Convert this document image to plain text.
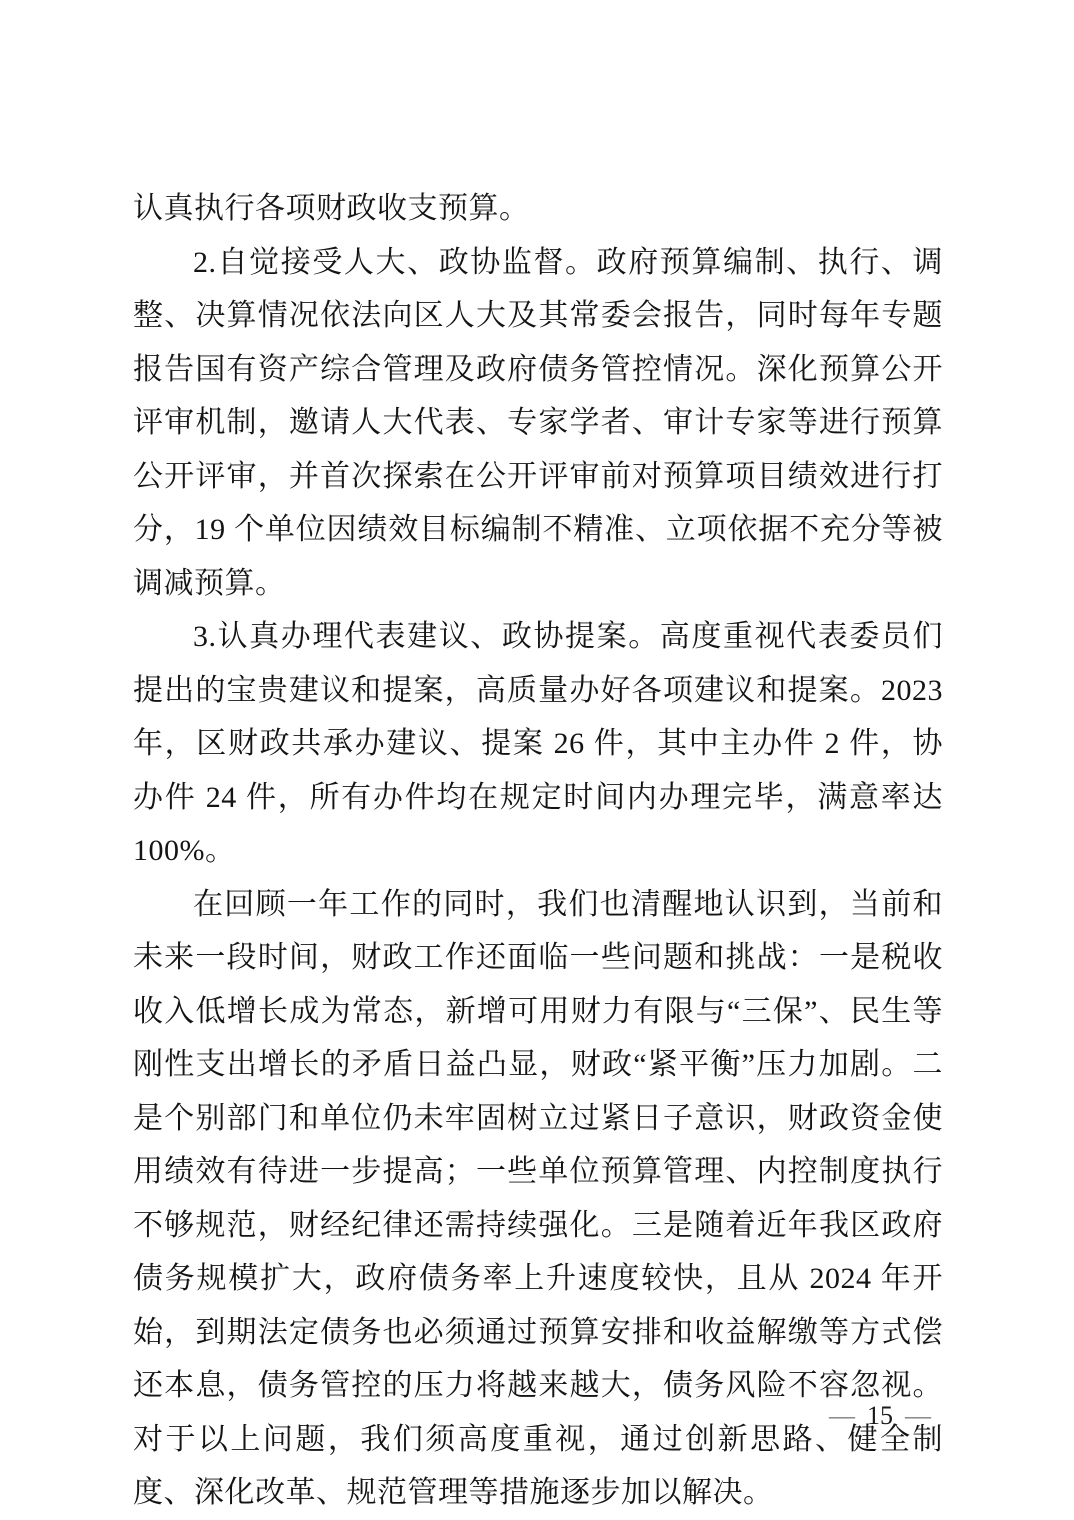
认真执行各项财政收支预算。

2.自觉接受人大、政协监督。政府预算编制、执行、调整、决算情况依法向区人大及其常委会报告，同时每年专题报告国有资产综合管理及政府债务管控情况。深化预算公开评审机制，邀请人大代表、专家学者、审计专家等进行预算公开评审，并首次探索在公开评审前对预算项目绩效进行打分，19 个单位因绩效目标编制不精准、立项依据不充分等被调减预算。

3.认真办理代表建议、政协提案。高度重视代表委员们提出的宝贵建议和提案，高质量办好各项建议和提案。2023 年，区财政共承办建议、提案 26 件，其中主办件 2 件，协办件 24 件，所有办件均在规定时间内办理完毕，满意率达 100%。

在回顾一年工作的同时，我们也清醒地认识到，当前和未来一段时间，财政工作还面临一些问题和挑战：一是税收收入低增长成为常态，新增可用财力有限与“三保”、民生等刚性支出增长的矛盾日益凸显，财政“紧平衡”压力加剧。二是个别部门和单位仍未牢固树立过紧日子意识，财政资金使用绩效有待进一步提高；一些单位预算管理、内控制度执行不够规范，财经纪律还需持续强化。三是随着近年我区政府债务规模扩大，政府债务率上升速度较快，且从 2024 年开始，到期法定债务也必须通过预算安排和收益解缴等方式偿还本息，债务管控的压力将越来越大，债务风险不容忽视。对于以上问题，我们须高度重视，通过创新思路、健全制度、深化改革、规范管理等措施逐步加以解决。

— 15 —
